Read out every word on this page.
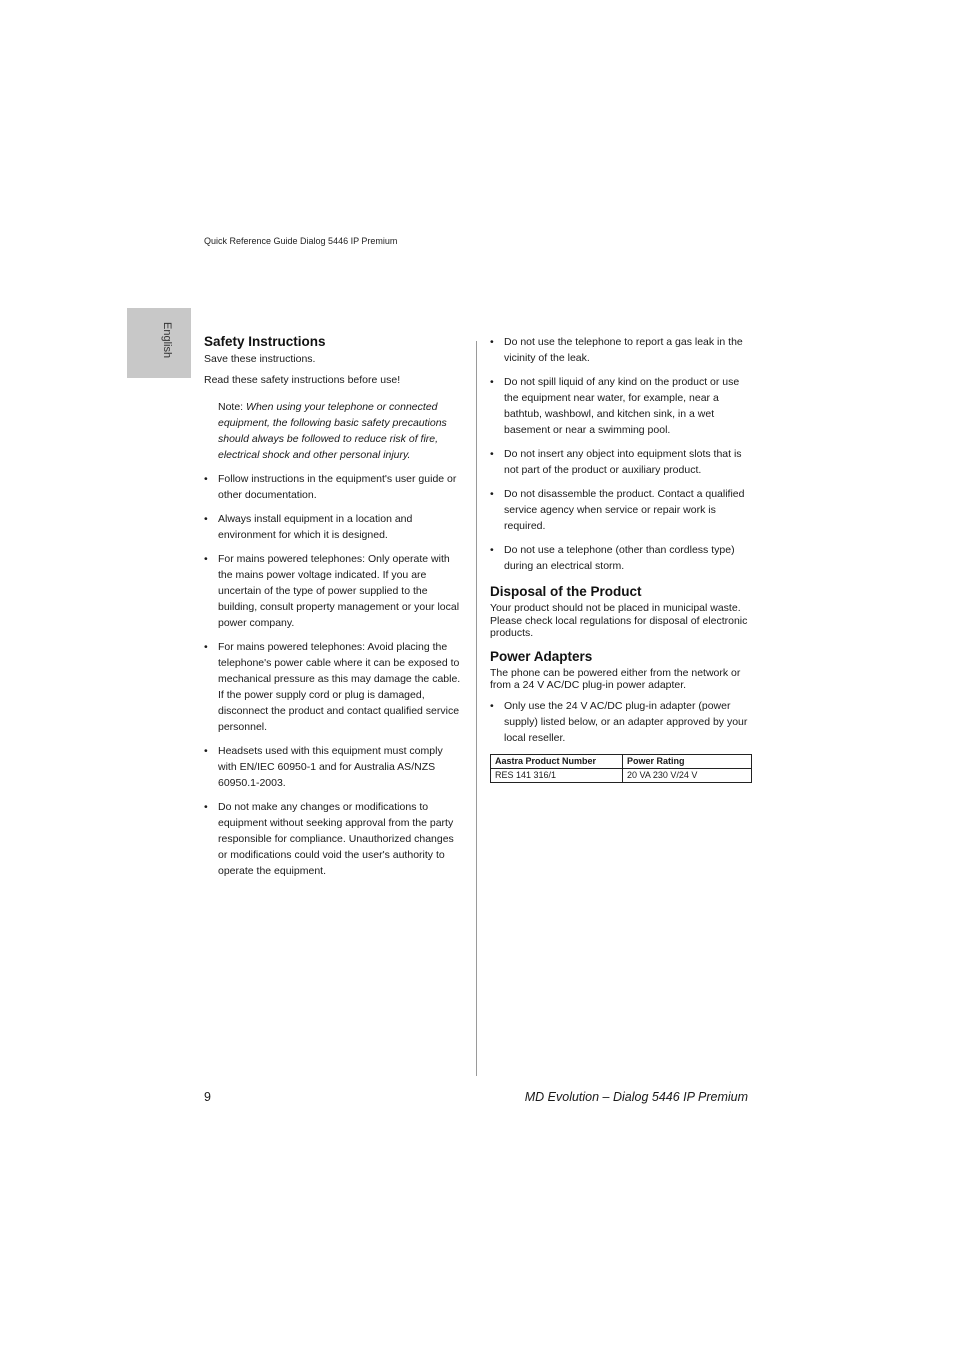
Quick Reference Guide Dialog 5446 IP Premium
English Safety Instructions

Save these instructions.

Read these safety instructions before use!

Note: When using your telephone or connected equipment, the following basic safety precautions should always be followed to reduce risk of fire, electrical shock and other personal injury.

• Follow instructions in the equipment's user guide or other documentation.
• Always install equipment in a location and environment for which it is designed.
• For mains powered telephones: Only operate with the mains power voltage indicated. If you are uncertain of the type of power supplied to the building, consult property management or your local power company.
• For mains powered telephones: Avoid placing the telephone's power cable where it can be exposed to mechanical pressure as this may damage the cable. If the power supply cord or plug is damaged, disconnect the product and contact qualified service personnel.
• Headsets used with this equipment must comply with EN/IEC 60950-1 and for Australia AS/NZS 60950.1-2003.
• Do not make any changes or modifications to equipment without seeking approval from the party responsible for compliance. Unauthorized changes or modifications could void the user's authority to operate the equipment.
• Do not use the telephone to report a gas leak in the vicinity of the leak.
• Do not spill liquid of any kind on the product or use the equipment near water, for example, near a bathtub, washbowl, and kitchen sink, in a wet basement or near a swimming pool.
• Do not insert any object into equipment slots that is not part of the product or auxiliary product.
• Do not disassemble the product. Contact a qualified service agency when service or repair work is required.
• Do not use a telephone (other than cordless type) during an electrical storm.
Disposal of the Product

Your product should not be placed in municipal waste. Please check local regulations for disposal of electronic products.

Power Adapters

The phone can be powered either from the network or from a 24 V AC/DC plug-in power adapter.

• Only use the 24 V AC/DC plug-in adapter (power supply) listed below, or an adapter approved by your local reseller.
Aastra Product Number	Power Rating
RES 141 316/1	20 VA 230 V/24 V
9	MD Evolution – Dialog 5446 IP Premium
